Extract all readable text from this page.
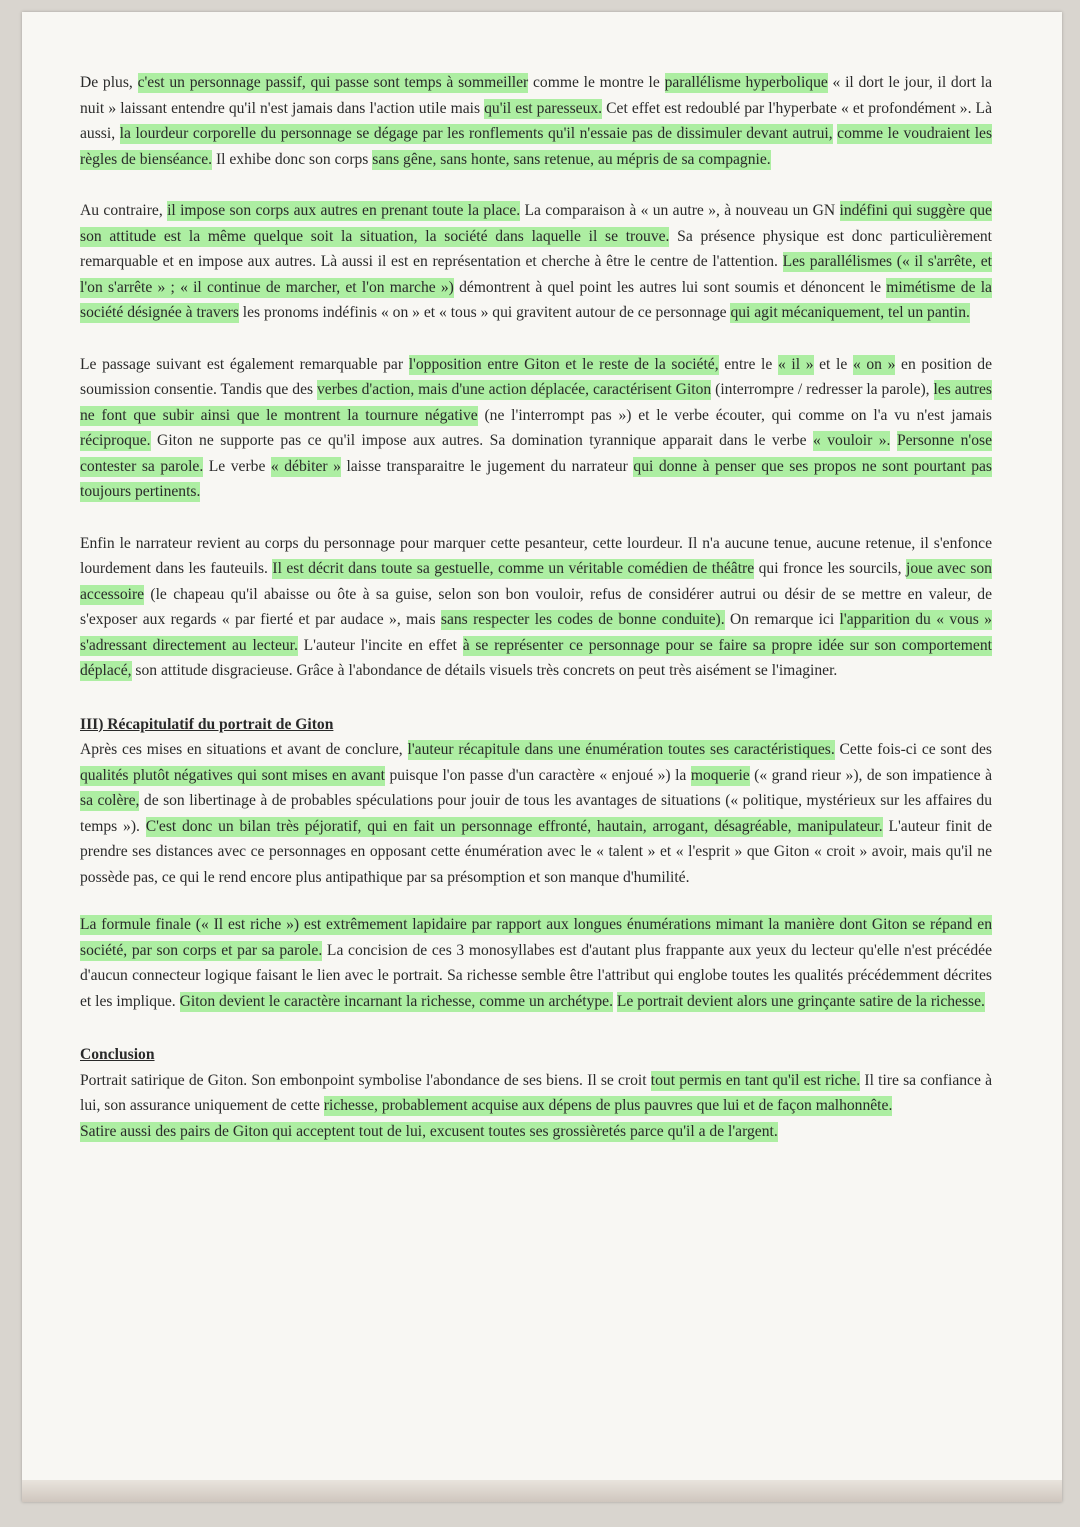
De plus, c'est un personnage passif, qui passe sont temps à sommeiller comme le montre le parallélisme hyperbolique « il dort le jour, il dort la nuit » laissant entendre qu'il n'est jamais dans l'action utile mais qu'il est paresseux. Cet effet est redoublé par l'hyperbate « et profondément ». Là aussi, la lourdeur corporelle du personnage se dégage par les ronflements qu'il n'essaie pas de dissimuler devant autrui, comme le voudraient les règles de bienséance. Il exhibe donc son corps sans gêne, sans honte, sans retenue, au mépris de sa compagnie.

Au contraire, il impose son corps aux autres en prenant toute la place. La comparaison à « un autre », à nouveau un GN indéfini qui suggère que son attitude est la même quelque soit la situation, la société dans laquelle il se trouve. Sa présence physique est donc particulièrement remarquable et en impose aux autres. Là aussi il est en représentation et cherche à être le centre de l'attention. Les parallélismes (« il s'arrête, et l'on s'arrête » ; « il continue de marcher, et l'on marche ») démontrent à quel point les autres lui sont soumis et dénoncent le mimétisme de la société désignée à travers les pronoms indéfinis « on » et « tous » qui gravitent autour de ce personnage qui agit mécaniquement, tel un pantin.

Le passage suivant est également remarquable par l'opposition entre Giton et le reste de la société, entre le « il » et le « on » en position de soumission consentie. Tandis que des verbes d'action, mais d'une action déplacée, caractérisent Giton (interrompre / redresser la parole), les autres ne font que subir ainsi que le montrent la tournure négative (ne l'interrompt pas ») et le verbe écouter, qui comme on l'a vu n'est jamais réciproque. Giton ne supporte pas ce qu'il impose aux autres. Sa domination tyrannique apparait dans le verbe « vouloir ». Personne n'ose contester sa parole. Le verbe « débiter » laisse transparaitre le jugement du narrateur qui donne à penser que ses propos ne sont pourtant pas toujours pertinents.

Enfin le narrateur revient au corps du personnage pour marquer cette pesanteur, cette lourdeur. Il n'a aucune tenue, aucune retenue, il s'enfonce lourdement dans les fauteuils. Il est décrit dans toute sa gestuelle, comme un véritable comédien de théâtre qui fronce les sourcils, joue avec son accessoire (le chapeau qu'il abaisse ou ôte à sa guise, selon son bon vouloir, refus de considérer autrui ou désir de se mettre en valeur, de s'exposer aux regards « par fierté et par audace », mais sans respecter les codes de bonne conduite). On remarque ici l'apparition du « vous » s'adressant directement au lecteur. L'auteur l'incite en effet à se représenter ce personnage pour se faire sa propre idée sur son comportement déplacé, son attitude disgracieuse. Grâce à l'abondance de détails visuels très concrets on peut très aisément se l'imaginer.

III) Récapitulatif du portrait de Giton

Après ces mises en situations et avant de conclure, l'auteur récapitule dans une énumération toutes ses caractéristiques. Cette fois-ci ce sont des qualités plutôt négatives qui sont mises en avant puisque l'on passe d'un caractère « enjoué ») la moquerie (« grand rieur »), de son impatience à sa colère, de son libertinage à de probables spéculations pour jouir de tous les avantages de situations (« politique, mystérieux sur les affaires du temps »). C'est donc un bilan très péjoratif, qui en fait un personnage effronté, hautain, arrogant, désagréable, manipulateur. L'auteur finit de prendre ses distances avec ce personnages en opposant cette énumération avec le « talent » et « l'esprit » que Giton « croit » avoir, mais qu'il ne possède pas, ce qui le rend encore plus antipathique par sa présomption et son manque d'humilité.

La formule finale (« Il est riche ») est extrêmement lapidaire par rapport aux longues énumérations mimant la manière dont Giton se répand en société, par son corps et par sa parole. La concision de ces 3 monosyllabes est d'autant plus frappante aux yeux du lecteur qu'elle n'est précédée d'aucun connecteur logique faisant le lien avec le portrait. Sa richesse semble être l'attribut qui englobe toutes les qualités précédemment décrites et les implique. Giton devient le caractère incarnant la richesse, comme un archétype. Le portrait devient alors une grinçante satire de la richesse.

Conclusion

Portrait satirique de Giton. Son embonpoint symbolise l'abondance de ses biens. Il se croit tout permis en tant qu'il est riche. Il tire sa confiance à lui, son assurance uniquement de cette richesse, probablement acquise aux dépens de plus pauvres que lui et de façon malhonnête.

Satire aussi des pairs de Giton qui acceptent tout de lui, excusent toutes ses grossièretés parce qu'il a de l'argent.
